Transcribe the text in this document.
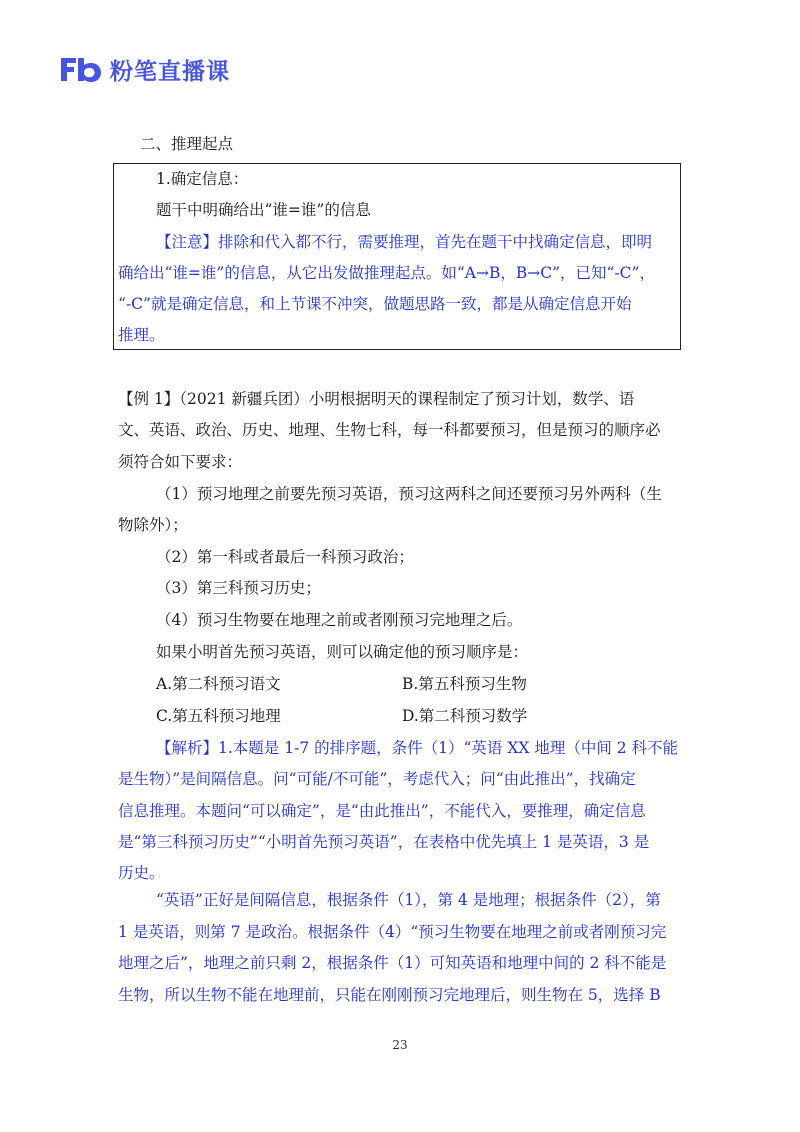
粉笔直播课
二、推理起点
1.确定信息：
题干中明确给出“谁=谁”的信息
【注意】排除和代入都不行，需要推理，首先在题干中找确定信息，即明
确给出“谁=谁”的信息，从它出发做推理起点。如“A→B，B→C”，已知“-C”，
“-C”就是确定信息，和上节课不冲突，做题思路一致，都是从确定信息开始
推理。
【例 1】（2021 新疆兵团）小明根据明天的课程制定了预习计划，数学、语
文、英语、政治、历史、地理、生物七科，每一科都要预习，但是预习的顺序必
须符合如下要求：
（1）预习地理之前要先预习英语，预习这两科之间还要预习另外两科（生
物除外）；
（2）第一科或者最后一科预习政治；
（3）第三科预习历史；
（4）预习生物要在地理之前或者刚预习完地理之后。
如果小明首先预习英语，则可以确定他的预习顺序是：
A.第二科预习语文	B.第五科预习生物
C.第五科预习地理	D.第二科预习数学
【解析】1.本题是 1-7 的排序题，条件（1）“英语 XX 地理（中间 2 科不能
是生物）”是间隔信息。问“可能/不可能”，考虑代入；问“由此推出”，找确定
信息推理。本题问“可以确定”，是“由此推出”，不能代入，要推理，确定信息
是“第三科预习历史”“小明首先预习英语”，在表格中优先填上 1 是英语，3 是
历史。
“英语”正好是间隔信息，根据条件（1），第 4 是地理；根据条件（2），第
1 是英语，则第 7 是政治。根据条件（4）“预习生物要在地理之前或者刚预习完
地理之后”，地理之前只剩 2，根据条件（1）可知英语和地理中间的 2 科不能是
生物，所以生物不能在地理前，只能在刚刚预习完地理后，则生物在 5，选择 B
23
